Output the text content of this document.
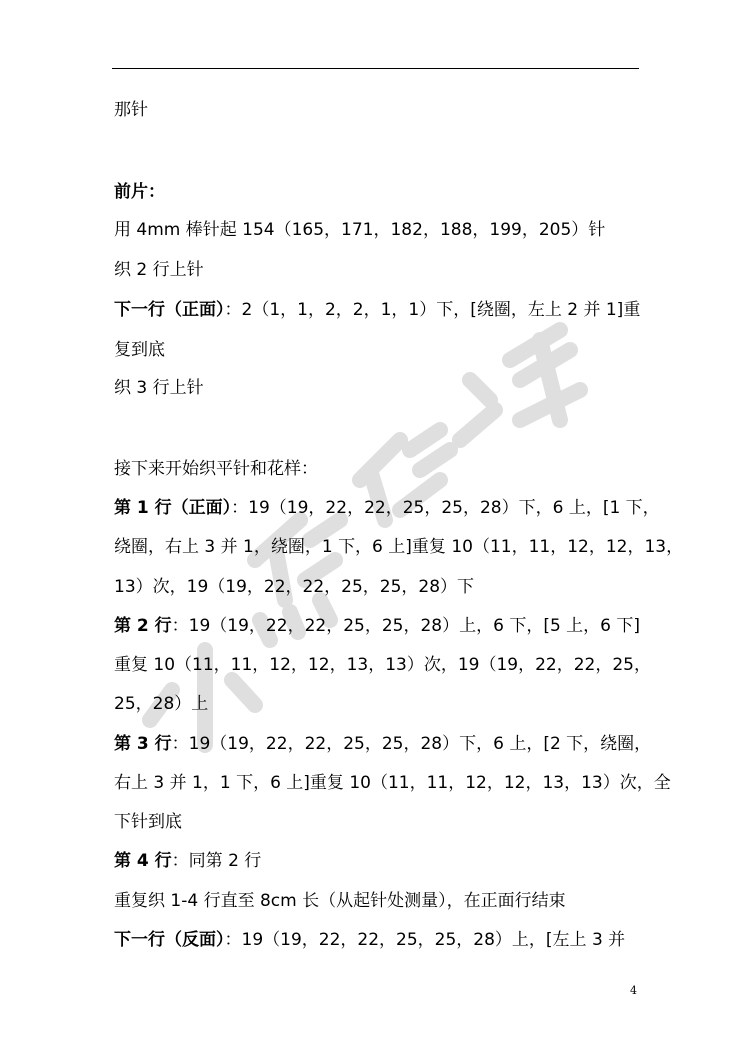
那针
前片：
用 4mm 棒针起 154（165，171，182，188，199，205）针
织 2 行上针
下一行（正面）：2（1，1，2，2，1，1）下，[绕圈，左上 2 并 1]重
复到底
织 3 行上针
接下来开始织平针和花样：
第 1 行（正面）：19（19，22，22，25，25，28）下，6 上，[1 下，
绕圈，右上 3 并 1，绕圈，1 下，6 上]重复 10（11，11，12，12，13，
13）次，19（19，22，22，25，25，28）下
第 2 行：19（19，22，22，25，25，28）上，6 下，[5 上，6 下]
重复 10（11，11，12，12，13，13）次，19（19，22，22，25，
25，28）上
第 3 行：19（19，22，22，25，25，28）下，6 上，[2 下，绕圈，
右上 3 并 1，1 下，6 上]重复 10（11，11，12，12，13，13）次，全
下针到底
第 4 行：同第 2 行
重复织 1-4 行直至 8cm 长（从起针处测量），在正面行结束
下一行（反面）：19（19，22，22，25，25，28）上，[左上 3 并
4
